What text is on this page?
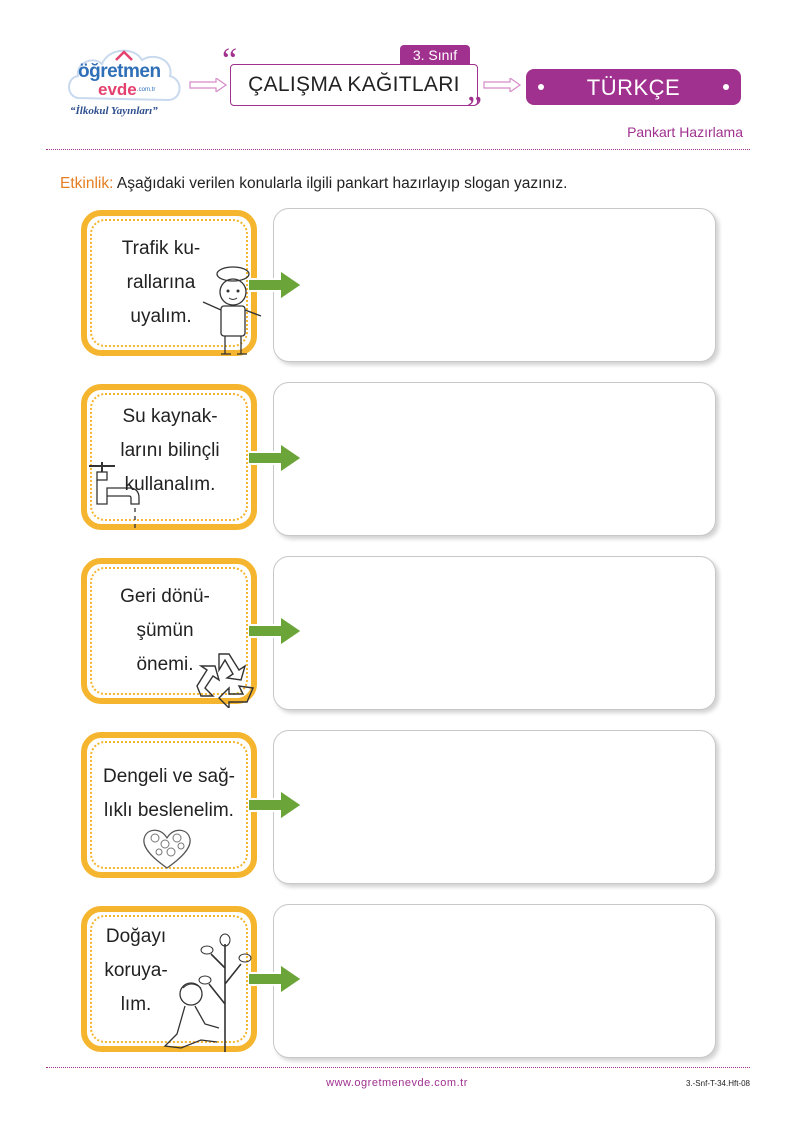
öğretmen
evde .com.tr
“İlkokul Yayınları”
3. Sınıf
ÇALIŞMA KAĞITLARI
“
”
TÜRKÇE
Pankart Hazırlama
Etkinlik: Aşağıdaki verilen konularla ilgili pankart hazırlayıp slogan yazınız.
Trafik ku-
rallarına
uyalım.
Su kaynak-
larını bilinçli
kullanalım.
Geri dönü-
şümün
önemi.
Dengeli ve sağ-
lıklı beslenelim.
Doğayı
koruya-
lım.
www.ogretmenevde.com.tr	3.-Snf-T-34.Hft-08
